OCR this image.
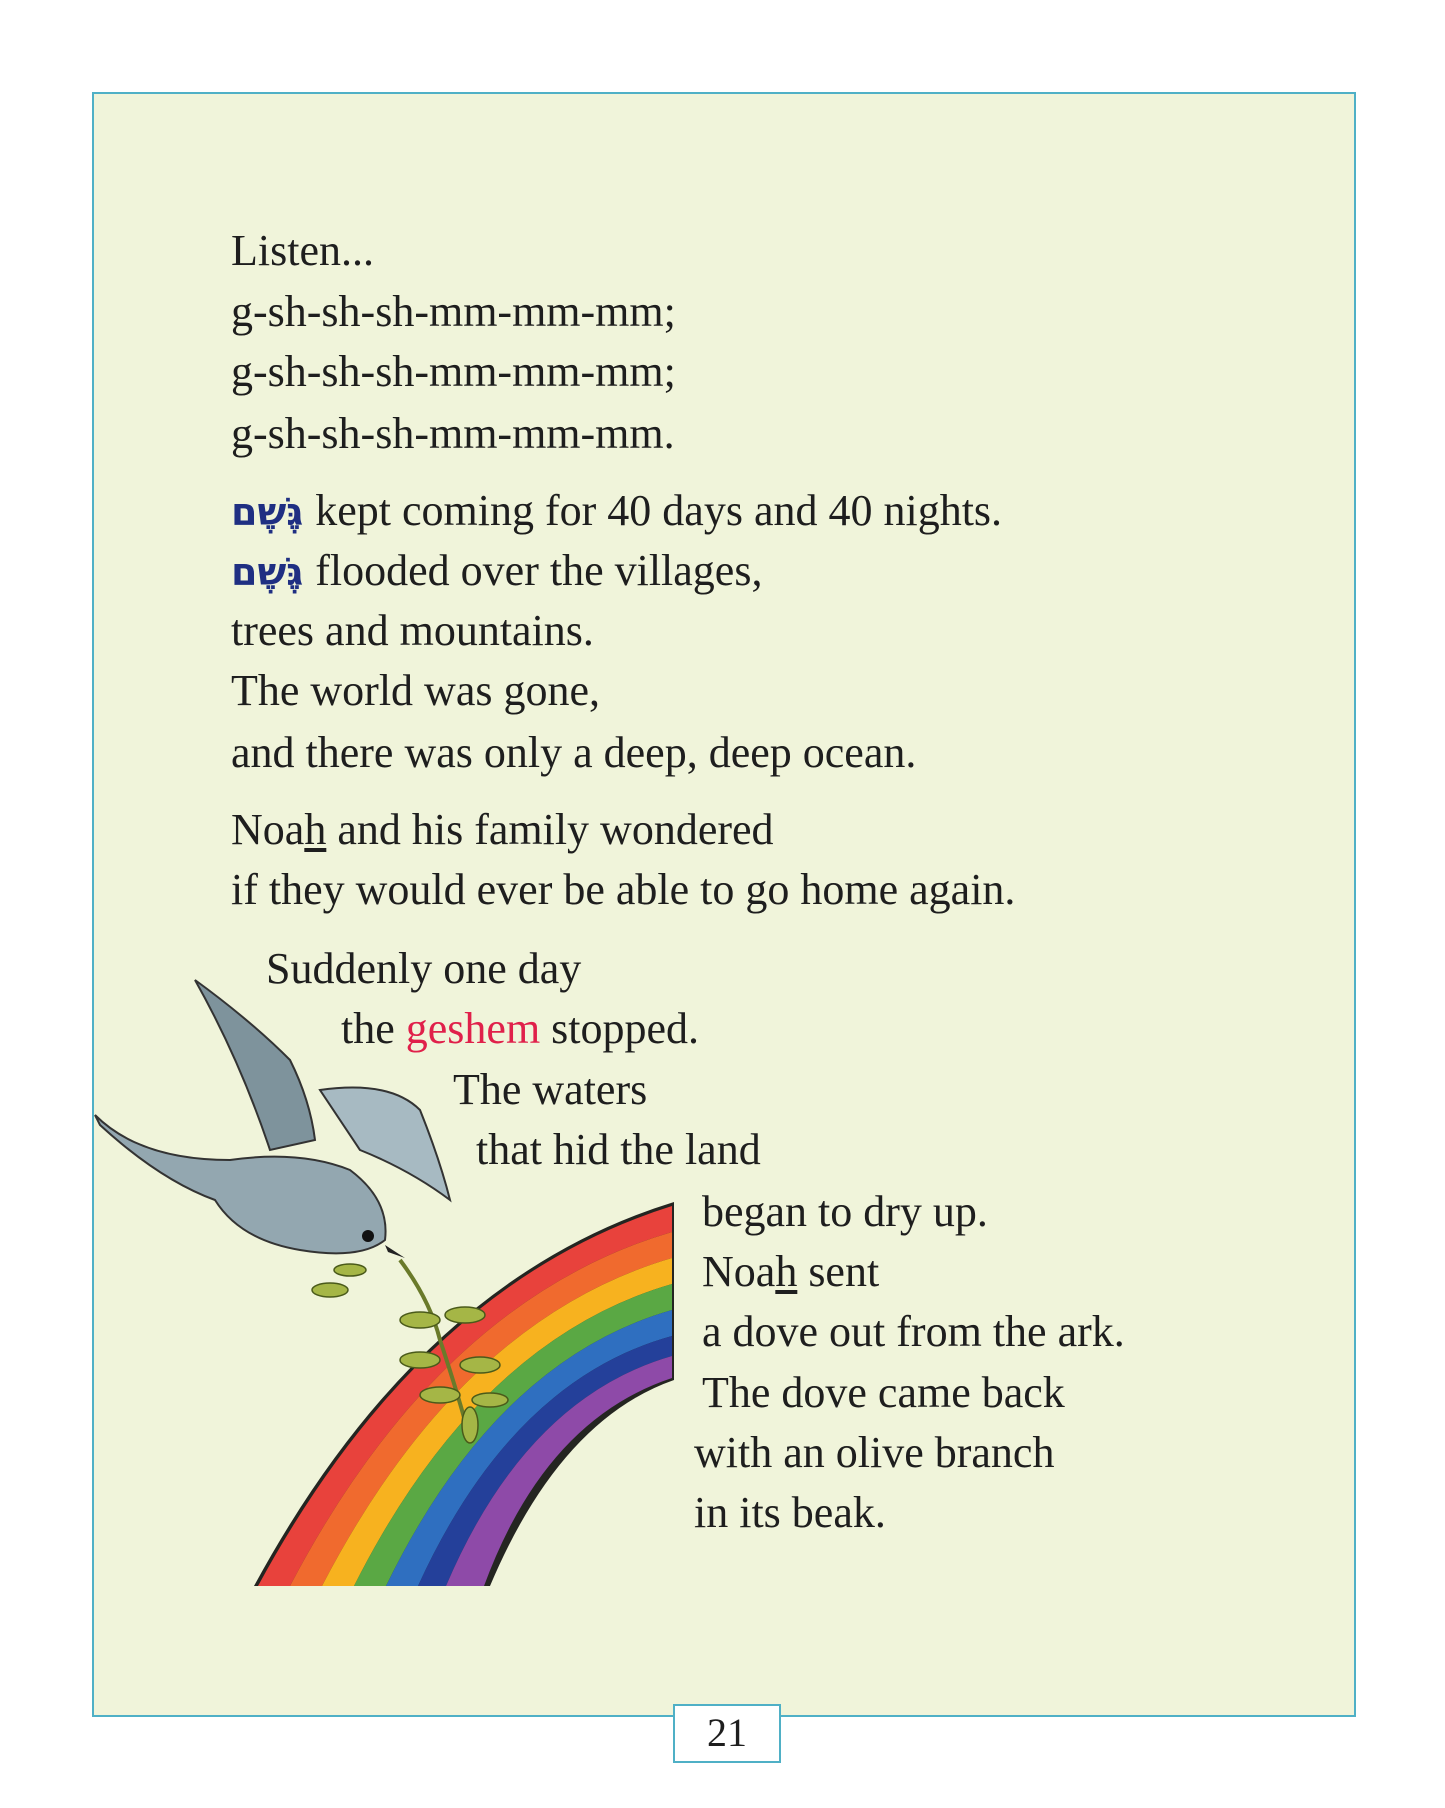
Listen...
g-sh-sh-sh-mm-mm-mm;
g-sh-sh-sh-mm-mm-mm;
g-sh-sh-sh-mm-mm-mm.
גֶּשֶׁם kept coming for 40 days and 40 nights.
גֶּשֶׁם flooded over the villages,
trees and mountains.
The world was gone,
and there was only a deep, deep ocean.
Noah and his family wondered
if they would ever be able to go home again.
Suddenly one day
the geshem stopped.
The waters
that hid the land
began to dry up.
Noah sent
a dove out from the ark.
The dove came back
with an olive branch
in its beak.
21
